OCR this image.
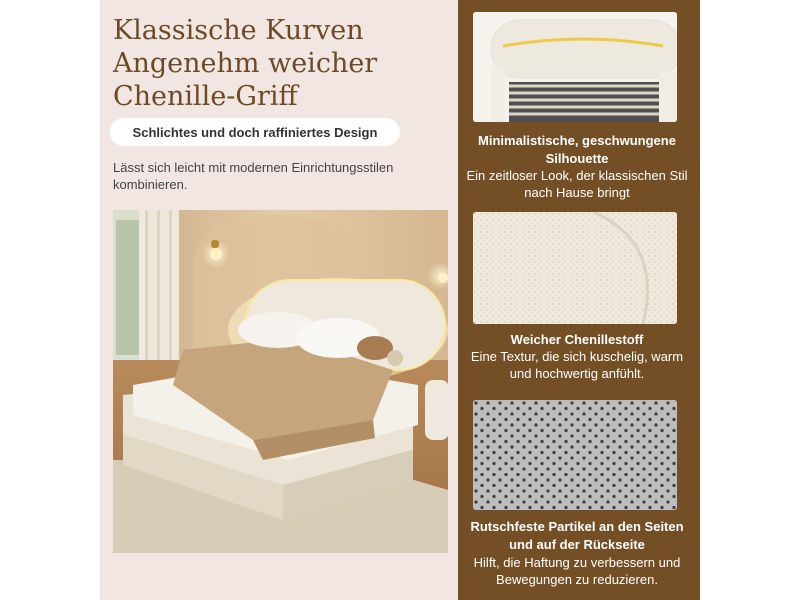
Klassische Kurven
Angenehm weicher
Chenille-Griff
Schlichtes und doch raffiniertes Design

Lässt sich leicht mit modernen Einrichtungsstilen kombinieren.

Minimalistische, geschwungene Silhouette
Ein zeitloser Look, der klassischen Stil nach Hause bringt
Weicher Chenillestoff
Eine Textur, die sich kuschelig, warm und hochwertig anfühlt.
Rutschfeste Partikel an den Seiten und auf der Rückseite
Hilft, die Haftung zu verbessern und Bewegungen zu reduzieren.
